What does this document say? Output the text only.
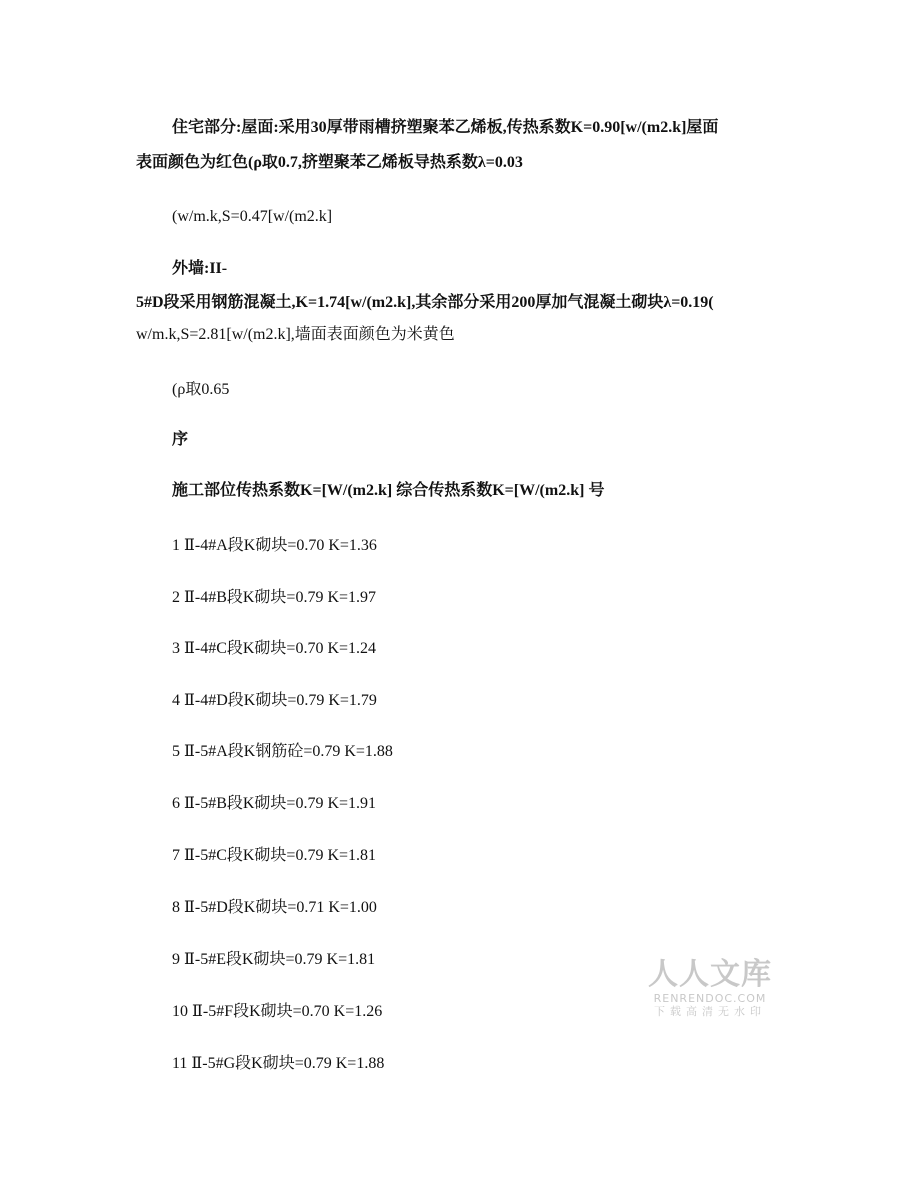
住宅部分:屋面:采用30厚带雨槽挤塑聚苯乙烯板,传热系数K=0.90[w/(m2.k]屋面
表面颜色为红色(ρ取0.7,挤塑聚苯乙烯板导热系数λ=0.03
(w/m.k,S=0.47[w/(m2.k]
外墙:II-
5#D段采用钢筋混凝土,K=1.74[w/(m2.k],其余部分采用200厚加气混凝土砌块λ=0.19(
w/m.k,S=2.81[w/(m2.k],墙面表面颜色为米黄色
(ρ取0.65
序
施工部位传热系数K=[W/(m2.k] 综合传热系数K=[W/(m2.k] 号
1 Ⅱ-4#A段K砌块=0.70 K=1.36
2 Ⅱ-4#B段K砌块=0.79 K=1.97
3 Ⅱ-4#C段K砌块=0.70 K=1.24
4 Ⅱ-4#D段K砌块=0.79 K=1.79
5 Ⅱ-5#A段K钢筋砼=0.79 K=1.88
6 Ⅱ-5#B段K砌块=0.79 K=1.91
7 Ⅱ-5#C段K砌块=0.79 K=1.81
8 Ⅱ-5#D段K砌块=0.71 K=1.00
9 Ⅱ-5#E段K砌块=0.79 K=1.81
10 Ⅱ-5#F段K砌块=0.70 K=1.26
11 Ⅱ-5#G段K砌块=0.79 K=1.88
人人文库
RENRENDOC.COM
下载高清无水印
